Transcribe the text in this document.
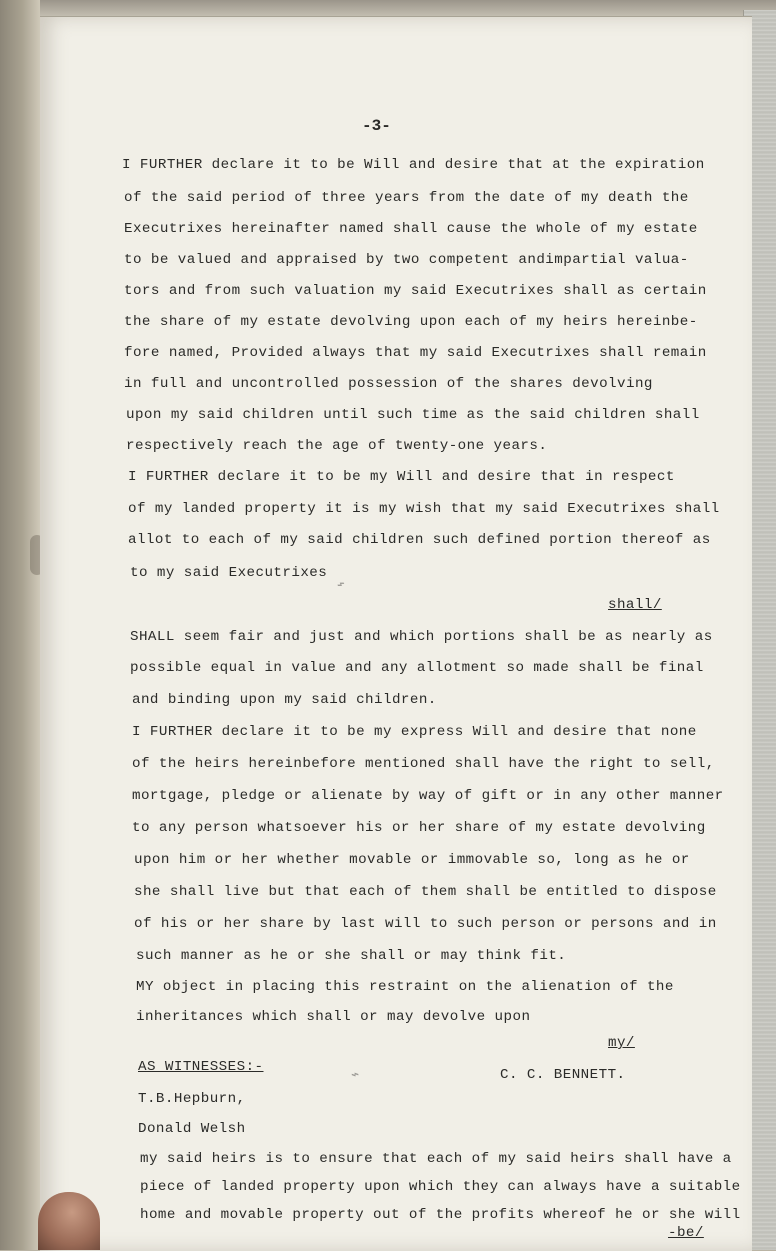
-3-
I FURTHER declare it to be Will and desire that at the expiration
of the said period of three years from the date of my death the
Executrixes hereinafter named shall cause the whole of my estate
to be valued and appraised by two competent andimpartial valua-
tors and from such valuation my said Executrixes shall as certain
the share of my estate devolving upon each of my heirs hereinbe-
fore named, Provided always that my said Executrixes shall remain
in full and uncontrolled possession of the shares devolving
upon my said children until such time as the said children shall
respectively reach the age of twenty-one years.
I FURTHER declare it to be my Will and desire that in respect
of my landed property it is my wish that my said Executrixes shall
allot to each of my said children such defined portion thereof as
to my said Executrixes
⌁
shall/
SHALL seem fair and just and which portions shall be as nearly as
possible equal in value and any allotment so made shall be final
and binding upon my said children.
I FURTHER declare it to be my express Will and desire that none
of the heirs hereinbefore mentioned shall have the right to sell,
mortgage, pledge or alienate by way of gift or in any other manner
to any person whatsoever his or her share of my estate devolving
upon him or her whether movable or immovable so, long as he or
she shall live but that each of them shall be entitled to dispose
of his or her share by last will to such person or persons and in
such manner as he or she shall or may think fit.
MY object in placing this restraint on the alienation of the
inheritances which shall or may devolve upon
my/
AS WITNESSES:-	⌁	C. C. BENNETT.
T.B.Hepburn,
Donald Welsh
my said heirs is to ensure that each of my said heirs shall have a
piece of landed property upon which they can always have a suitable
home and movable property out of the profits whereof he or she will
-be/
